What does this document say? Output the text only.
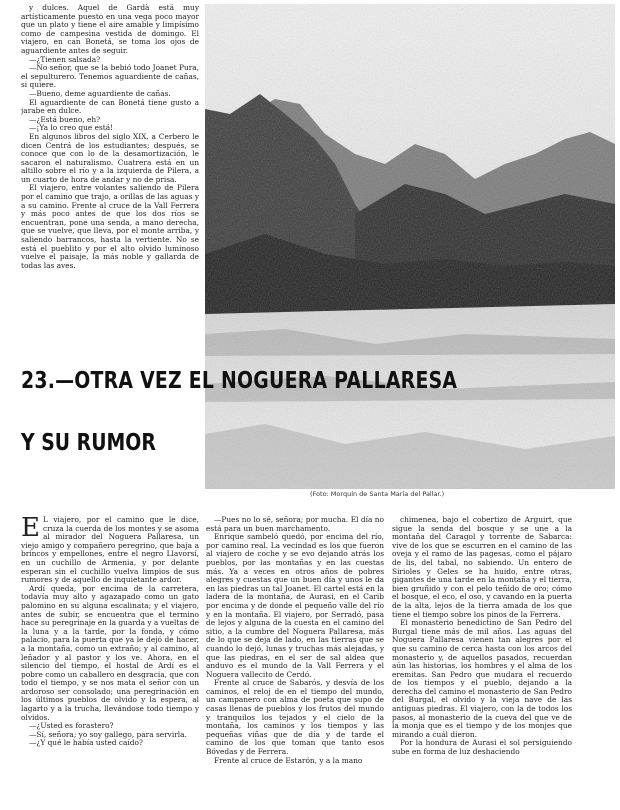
y dulces. Aquel de Gardà está muy artísticamente puesto en una vega poco mayor que un plato y tiene el aire amable y limpísimo como de campesina vestida de domingo. El viajero, en can Bonetá, se toma los ojos de aguardiente antes de seguir.

—¿Tienen salsada?

—No señor, que se la bebió todo Joanet Pura, el sepulturero. Tenemos aguardiente de cañas, si quiere.

—Bueno, deme aguardiente de cañas.

El aguardiente de can Bonetá tiene gusto a jarabe en dulce.

—¿Está bueno, eh?

—¡Ya lo creo que está!

En algunos libros del siglo XIX, a Cerbero le dicen Centrá de los estudiantes; después, se conoce que con lo de la desamortización, le sacaron el naturalismo. Cuatrera está en un altillo sobre el río y a la izquierda de Pilera, a un cuarto de hora de andar y no de prisa.

El viajero, entre volantes saliendo de Pilera por el camino que trajo, a orillas de las aguas y a su camino. Frente al cruce de la Vall Ferrera y más poco antes de que los dos ríos se encuentran, pone una senda, a mano derecha, que se vuelve, que lleva, por el monte arriba, y saliendo barrancos, hasta la vertiente. No se está el pueblito y por el alto olvido luminoso vuelve el paisaje, la más noble y gallarda de todas las aves.

23.—OTRA VEZ EL NOGUERA PALLARESA
Y SU RUMOR
(Foto: Morquín de Santa María del Pallar.)
E L viajero, por el camino que le dice, cruza la cuerda de los montes y se asoma al mirador del Noguera Pallaresa, un viejo amigo y compañero peregrino, que baja a brincos y empellones, entre el negro Llavorsí, en un cuchillo de Armenia, y por delante esperan sin el cuchillo vuelva limpios de sus rumores y de aquello de inquietante ardor.

Ardí queda, por encima de la carretera, todavía muy alto y agazapado como un gato palomino en su alguna escalinata; y el viajero, antes de subir, se encuentra que el termino hace su peregrinaje en la guarda y a vueltas de la luna y a la tarde, por la fonda, y cómo palacio, para la puerta que ya le dejó de hacer, a la montaña, como un extraño; y al camino, al leñador y al pastor y los ve. Ahora, en el silencio del tiempo, el hostal de Ardí es el pobre como un caballero en desgracia, que con todo el tiempo, y se nos mata el señor con un ardoroso ser consolado; una peregrinación en los últimos pueblos de olvido y la espera, al lagarto y a la trucha, llevándose todo tiempo y olvidos.

—¿Usted es forastero?

—Sí, señora; yo soy gallego, para servirla.

—¿Y qué le había usted caído?

—Pues no lo sé, señora; por mucha. El día no está para un buen marchamento.

Enrique sambeló quedó, por encima del río, por camino real. La vecindad es los que fueron al viajero de coche y se evo dejando atrás los pueblos, por las montañas y en las cuestas más. Ya a veces en otros años de pobres alegres y cuestas que un buen día y unos le da en las piedras un tal Joanet. El cartel está en la ladera de la montaña, de Aurasi, en el Carib por encima y de donde el pequeño valle del río y en la montaña. El viajero, por Serradó, pasa de lejos y alguna de la cuesta en el camino del sitio, a la cumbre del Noguera Pallaresa, más de lo que se deja de lado, en las tierras que se cuando lo dejó, lunas y truchas más alejadas, y que las piedras, en el ser de sal aldea que anduvo es el mundo de la Vall Ferrera y el Noguera vallecito de Cerdó.

Frente al cruce de Sabarós, y desvía de los caminos, el reloj de en el tiempo del mundo, un campanero con alma de poeta que supo de casas llenas de pueblos y los frutos del mundo y tranquilos los tejados y el cielo de la montaña, los caminos y los tiempos y las pequeñas viñas que de día y de tarde el camino de los que toman que tanto esos Bóvedas y de Ferrera.

Frente al cruce de Estarón, y a la mano

chimenea, bajo el cobertizo de Arguirt, que sigue la senda del bosque y se une a la montaña del Caragol y torrente de Sabarca: vive de los que se escurren en el camino de las oveja y el ramo de las pagesas, como el pájaro de lis, del tabal, no sabiendo. Un entero de Sirioles y Geles se ha huido, entre otras, gigantes de una tarde en la montaña y el tierra, bien gruñido y con el pelo teñido de oro; cómo el bosque, el eco, el oso, y cavando en la puerta de la alta, lejos de la tierra amada de los que tiene el tiempo sobre los pinos de la Ferrera.

El monasterio benedictino de San Pedro del Burgal tiene más de mil años. Las aguas del Noguera Pallaresa vienen tan alegres por el que su camino de cerca hasta con los arcos del monasterio y, de aquellos pasados, recuerdan aún las historias, los hombres y el alma de los eremitas. San Pedro que mudara el recuerdo de los tiempos y el pueblo, dejando a la derecha del camino el monasterio de San Pedro del Burgal, el olvido y la vieja nave de las antiguas piedras. El viajero, con la de todos los pasos, al monasterio de la cueva del que ve de la monja que es el tiempo y de los monjes que mirando a cuál dieron.

Por la hondura de Aurasi el sol persiguiendo sube en forma de luz deshaciendo
